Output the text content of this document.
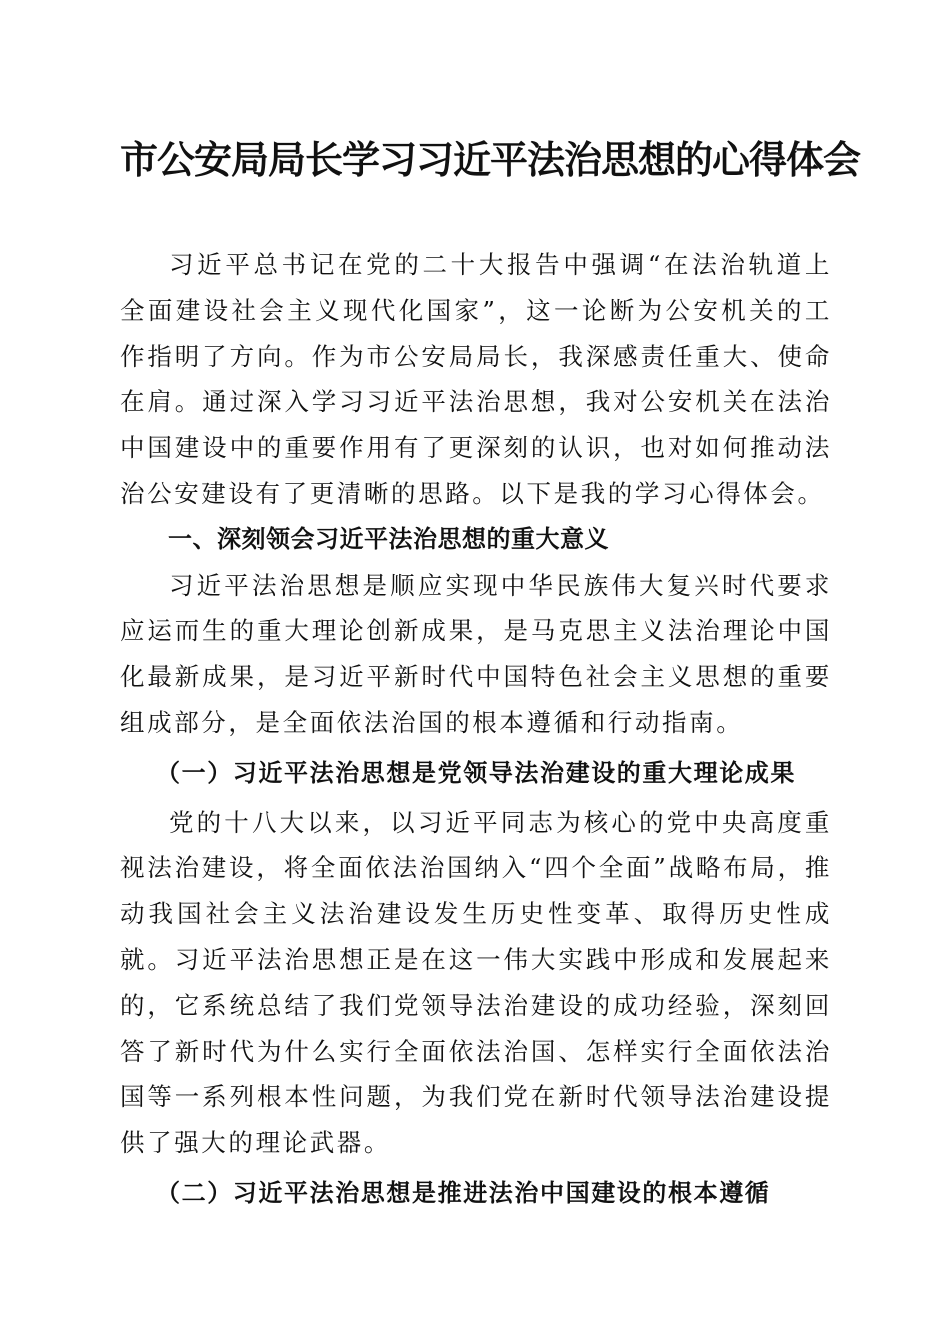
市公安局局长学习习近平法治思想的心得体会

习近平总书记在党的二十大报告中强调“在法治轨道上全面建设社会主义现代化国家”，这一论断为公安机关的工作指明了方向。作为市公安局局长，我深感责任重大、使命在肩。通过深入学习习近平法治思想，我对公安机关在法治中国建设中的重要作用有了更深刻的认识，也对如何推动法治公安建设有了更清晰的思路。以下是我的学习心得体会。

一、深刻领会习近平法治思想的重大意义

习近平法治思想是顺应实现中华民族伟大复兴时代要求应运而生的重大理论创新成果，是马克思主义法治理论中国化最新成果，是习近平新时代中国特色社会主义思想的重要组成部分，是全面依法治国的根本遵循和行动指南。

（一）习近平法治思想是党领导法治建设的重大理论成果

党的十八大以来，以习近平同志为核心的党中央高度重视法治建设，将全面依法治国纳入“四个全面”战略布局，推动我国社会主义法治建设发生历史性变革、取得历史性成就。习近平法治思想正是在这一伟大实践中形成和发展起来的，它系统总结了我们党领导法治建设的成功经验，深刻回答了新时代为什么实行全面依法治国、怎样实行全面依法治国等一系列根本性问题，为我们党在新时代领导法治建设提供了强大的理论武器。

（二）习近平法治思想是推进法治中国建设的根本遵循
